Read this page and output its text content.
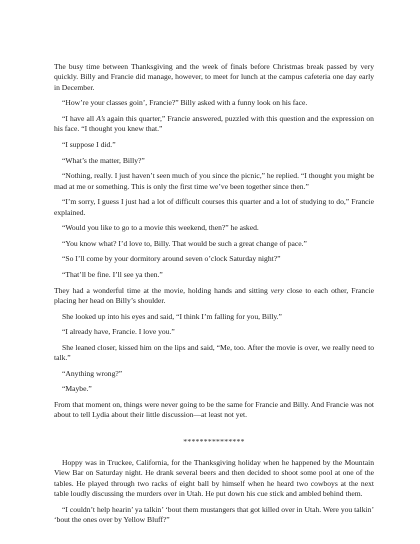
The busy time between Thanksgiving and the week of finals before Christmas break passed by very quickly. Billy and Francie did manage, however, to meet for lunch at the campus cafeteria one day early in December.

“How’re your classes goin’, Francie?” Billy asked with a funny look on his face.

“I have all A’s again this quarter,” Francie answered, puzzled with this question and the expression on his face. “I thought you knew that.”

“I suppose I did.”

“What’s the matter, Billy?”

“Nothing, really. I just haven’t seen much of you since the picnic,” he replied. “I thought you might be mad at me or something. This is only the first time we’ve been together since then.”

“I’m sorry, I guess I just had a lot of difficult courses this quarter and a lot of studying to do,” Francie explained.

“Would you like to go to a movie this weekend, then?” he asked.

“You know what? I’d love to, Billy. That would be such a great change of pace.”

“So I’ll come by your dormitory around seven o’clock Saturday night?”

“That’ll be fine. I’ll see ya then.”

They had a wonderful time at the movie, holding hands and sitting very close to each other, Francie placing her head on Billy’s shoulder.

She looked up into his eyes and said, “I think I’m falling for you, Billy.”

“I already have, Francie. I love you.”

She leaned closer, kissed him on the lips and said, “Me, too. After the movie is over, we really need to talk.”

“Anything wrong?”

“Maybe.”

From that moment on, things were never going to be the same for Francie and Billy. And Francie was not about to tell Lydia about their little discussion—at least not yet.

***************

Hoppy was in Truckee, California, for the Thanksgiving holiday when he happened by the Mountain View Bar on Saturday night. He drank several beers and then decided to shoot some pool at one of the tables. He played through two racks of eight ball by himself when he heard two cowboys at the next table loudly discussing the murders over in Utah. He put down his cue stick and ambled behind them.

“I couldn’t help hearin’ ya talkin’ ‘bout them mustangers that got killed over in Utah. Were you talkin’ ‘bout the ones over by Yellow Bluff?”
